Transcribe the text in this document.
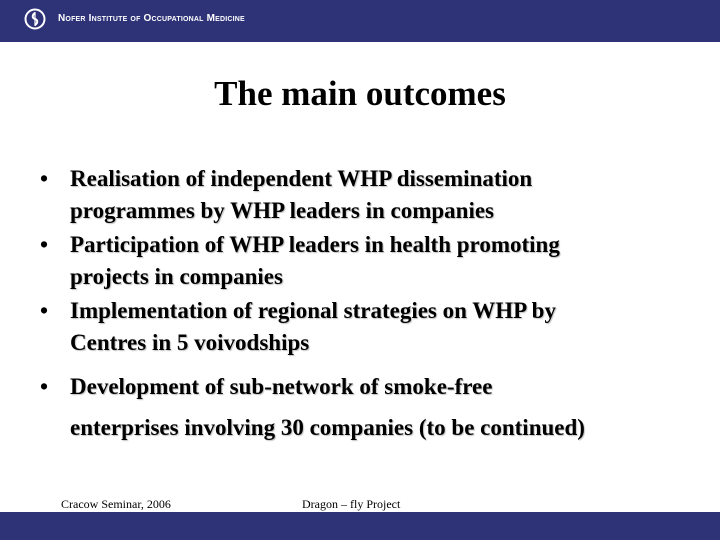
Nofer Institute of Occupational Medicine
The main outcomes
• Realisation of independent WHP dissemination
programmes by WHP leaders in companies
• Participation of WHP leaders in health promoting
projects in companies
• Implementation of regional strategies on WHP by
Centres in 5 voivodships
• Development of sub-network of smoke-free
enterprises involving 30 companies (to be continued)
Cracow Seminar, 2006	Dragon – fly Project
